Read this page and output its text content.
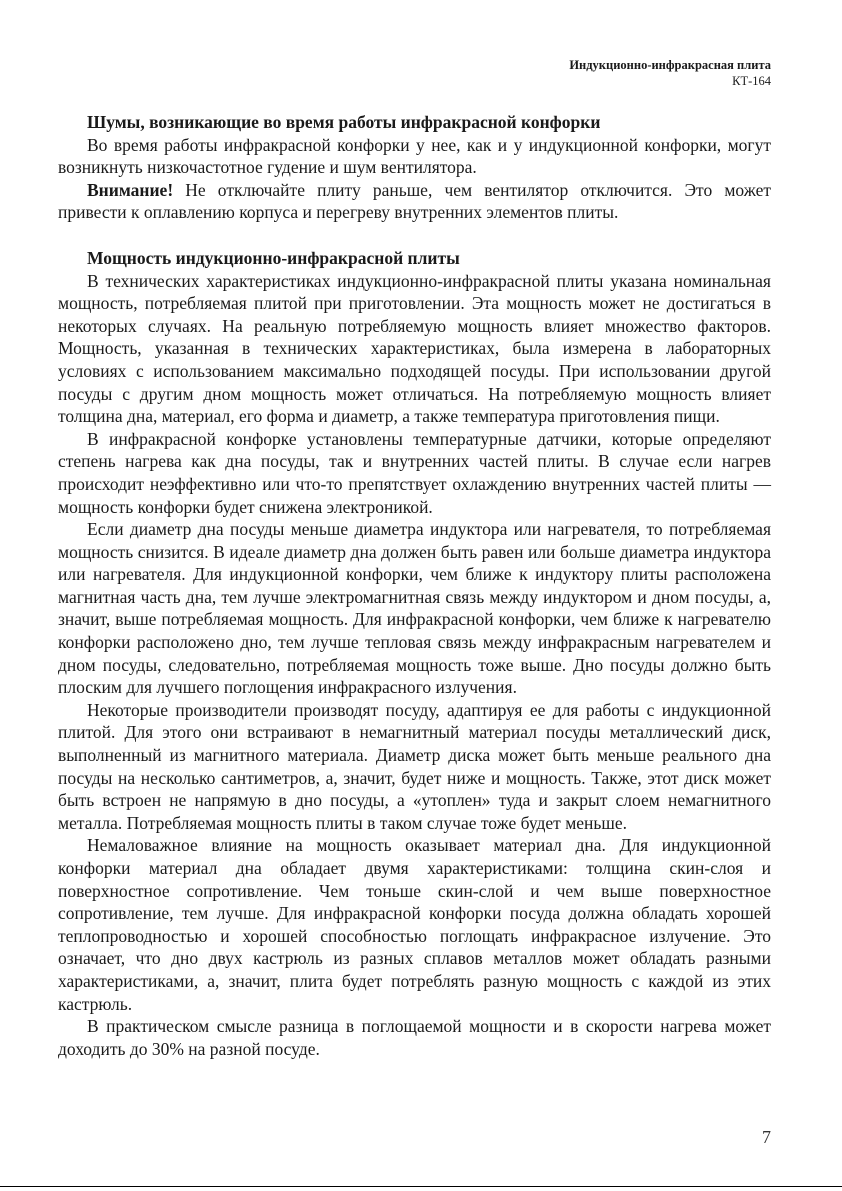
Индукционно-инфракрасная плита
КТ-164
Шумы, возникающие во время работы инфракрасной конфорки

Во время работы инфракрасной конфорки у нее, как и у индукционной конфорки, могут возникнуть низкочастотное гудение и шум вентилятора.

Внимание! Не отключайте плиту раньше, чем вентилятор отключится. Это может привести к оплавлению корпуса и перегреву внутренних элементов плиты.

Мощность индукционно-инфракрасной плиты

В технических характеристиках индукционно-инфракрасной плиты указана номинальная мощность, потребляемая плитой при приготовлении. Эта мощность может не достигаться в некоторых случаях. На реальную потребляемую мощность влияет множество факторов. Мощность, указанная в технических характеристиках, была измерена в лабораторных условиях с использованием максимально подходящей посуды. При использовании другой посуды с другим дном мощность может отличаться. На потребляемую мощность влияет толщина дна, материал, его форма и диаметр, а также температура приготовления пищи.

В инфракрасной конфорке установлены температурные датчики, которые определяют степень нагрева как дна посуды, так и внутренних частей плиты. В случае если нагрев происходит неэффективно или что-то препятствует охлаждению внутренних частей плиты — мощность конфорки будет снижена электроникой.

Если диаметр дна посуды меньше диаметра индуктора или нагревателя, то потребляемая мощность снизится. В идеале диаметр дна должен быть равен или больше диаметра индуктора или нагревателя. Для индукционной конфорки, чем ближе к индуктору плиты расположена магнитная часть дна, тем лучше электромагнитная связь между индуктором и дном посуды, а, значит, выше потребляемая мощность. Для инфракрасной конфорки, чем ближе к нагревателю конфорки расположено дно, тем лучше тепловая связь между инфракрасным нагревателем и дном посуды, следовательно, потребляемая мощность тоже выше. Дно посуды должно быть плоским для лучшего поглощения инфракрасного излучения.

Некоторые производители производят посуду, адаптируя ее для работы с индукционной плитой. Для этого они встраивают в немагнитный материал посуды металлический диск, выполненный из магнитного материала. Диаметр диска может быть меньше реального дна посуды на несколько сантиметров, а, значит, будет ниже и мощность. Также, этот диск может быть встроен не напрямую в дно посуды, а «утоплен» туда и закрыт слоем немагнитного металла. Потребляемая мощность плиты в таком случае тоже будет меньше.

Немаловажное влияние на мощность оказывает материал дна. Для индукционной конфорки материал дна обладает двумя характеристиками: толщина скин-слоя и поверхностное сопротивление. Чем тоньше скин-слой и чем выше поверхностное сопротивление, тем лучше. Для инфракрасной конфорки посуда должна обладать хорошей теплопроводностью и хорошей способностью поглощать инфракрасное излучение. Это означает, что дно двух кастрюль из разных сплавов металлов может обладать разными характеристиками, а, значит, плита будет потреблять разную мощность с каждой из этих кастрюль.

В практическом смысле разница в поглощаемой мощности и в скорости нагрева может доходить до 30% на разной посуде.

7
